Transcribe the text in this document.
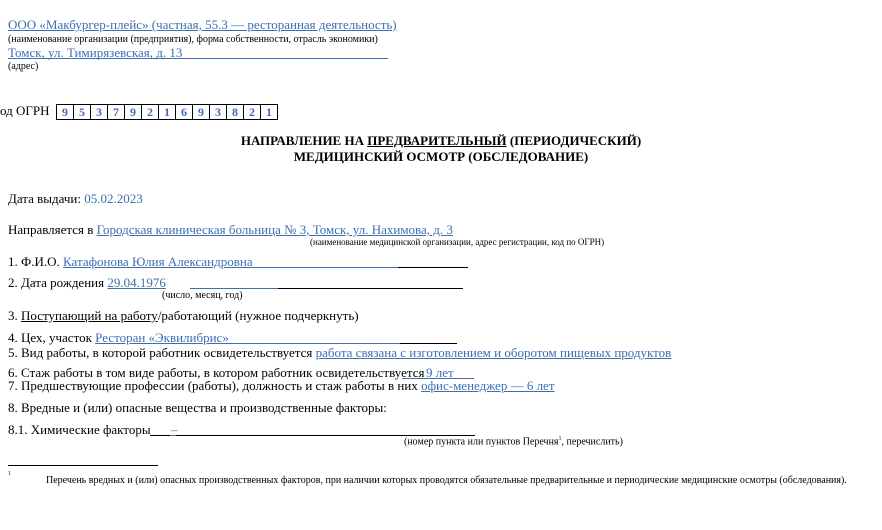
ООО «Макбургер-плейс» (частная, 55.3 — ресторанная деятельность)
(наименование организации (предприятия), форма собственности, отрасль экономики)
Томск, ул. Тимирязевская, д. 13
(адрес)
од ОГРН	9 5 3 7 9 2 1 6 9 3 8 2 1
НАПРАВЛЕНИЕ НА ПРЕДВАРИТЕЛЬНЫЙ (ПЕРИОДИЧЕСКИЙ)
МЕДИЦИНСКИЙ ОСМОТР (ОБСЛЕДОВАНИЕ)
Дата выдачи: 05.02.2023
Направляется в Городская клиническая больница № 3, Томск, ул. Нахимова, д. 3
(наименование медицинской организации, адрес регистрации, код по ОГРН)
1. Ф.И.О. Катафонова Юлия Александровна
2. Дата рождения 29.04.1976
(число, месяц, год)
3. Поступающий на работу/работающий (нужное подчеркнуть)
4. Цех, участок Ресторан «Эквилибрис»
5. Вид работы, в которой работник освидетельствуется работа связана с изготовлением и оборотом пищевых продуктов
6. Стаж работы в том виде работы, в котором работник освидетельствуется 9 лет
7. Предшествующие профессии (работы), должность и стаж работы в них офис-менеджер — 6 лет
8. Вредные и (или) опасные вещества и производственные факторы:
8.1. Химические факторы –
(номер пункта или пунктов Перечня$^1$, перечислить)
1
Перечень вредных и (или) опасных производственных факторов, при наличии которых проводятся обязательные предварительные и периодические медицинские осмотры (обследования).
